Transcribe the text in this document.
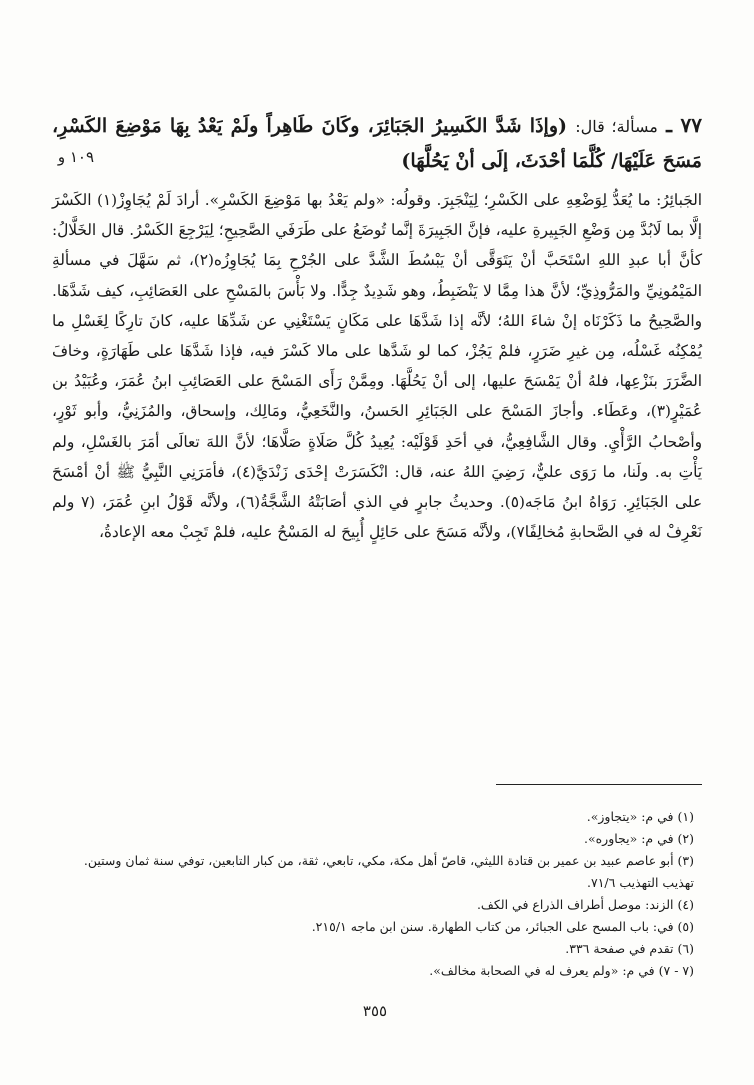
١٠٩ و
٧٧ ـ مسألة؛ قال: (وإذَا شَدَّ الكَسِيرُ الجَبَائِرَ، وكَانَ طَاهِراً ولَمْ يَعْدُ بِهَا مَوْضِعَ الكَسْرِ، مَسَحَ عَلَيْهَا/ كُلَّمَا أحْدَثَ، إلَى أنْ يَحُلَّهَا)

الجَبائِرُ: ما يُعَدُّ لِوَضْعِهِ على الكَسْرِ؛ لِيَنْجَبِرَ. وقولُه: «ولم يَعْدُ بها مَوْضِعَ الكَسْرِ». أرادَ لَمْ يُجَاوِزْ(١) الكَسْرَ إلَّا بما لَابُدَّ مِن وَضْعِ الجَبِيرةِ عليه، فإنَّ الجَبِيرَةَ إنَّما تُوضَعُ على طَرَفَي الصَّحِيحِ؛ لِيَرْجِعَ الكَسْرُ. قال الخَلَّالُ: كأنَّ أبا عبدِ اللهِ اسْتَحَبَّ أنْ يَتَوَقَّى أنْ يَبْسُطَ الشَّدَّ على الجُرْحِ بِمَا يُجَاوِزُه(٢)، ثم سَهَّلَ في مسألةِ المَيْمُونِيِّ والمَرُّوذِيِّ؛ لأنَّ هذا مِمَّا لا يَنْضَبِطُ، وهو شَدِيدٌ جِدًّا. ولا بَأْسَ بالمَسْحِ على العَصَائِبِ، كيف شَدَّهَا. والصَّحِيحُ ما ذَكَرْنَاه إنْ شاءَ اللهُ؛ لأنَّه إذا شَدَّهَا على مَكَانٍ يَسْتَغْنِي عن شَدِّهَا عليه، كانَ تارِكًا لِغَسْلِ ما يُمْكِنُه غَسْلُه، مِن غيرِ ضَرَرٍ، فلمْ يَجُزْ، كما لو شَدَّها على مالا كَسْرَ فيه، فإذا شَدَّهَا على طَهَارَةٍ، وخافَ الضَّرَرَ بنَزْعِها، فلهُ أنْ يَمْسَحَ عليها، إلى أنْ يَحُلَّهَا. ومِمَّنْ رَأَى المَسْحَ على العَصَائِبِ ابنُ عُمَرَ، وعُبَيْدُ بن عُمَيْرٍ(٣)، وعَطَاء. وأجازَ المَسْحَ على الجَبَائِرِ الحَسنُ، والنَّخَعِيُّ، ومَالِك، وإسحاق، والمُزَنِيُّ، وأبو ثَوْرٍ، وأصْحابُ الرَّأْيِ. وقال الشَّافِعِيُّ، في أحَدِ قَوْلَيْه: يُعِيدُ كُلَّ صَلَاةٍ صَلَّاهَا؛ لأنَّ اللهَ تعالَى أمَرَ بالغَسْلِ، ولم يَأْتِ به. ولَنا، ما رَوَى عليٌّ، رَضِيَ اللهُ عنه، قال: انْكَسَرَتْ إحْدَى زَنْدَيَّ(٤)، فأمَرَنِي النَّبِيُّ ﷺ أنْ أمْسَحَ على الجَبَائِرِ. رَوَاهُ ابنُ مَاجَه(٥). وحديثُ جابرٍ في الذي أصَابَتْهُ الشَّجَّةُ(٦)، ولأنَّه قَوْلُ ابنِ عُمَرَ، (٧ ولم نَعْرِفْ له في الصَّحابةِ مُخالِفًا٧)، ولأنَّه مَسَحَ على حَائِلٍ أُبِيحَ له المَسْحُ عليه، فلمْ تَجِبْ معه الإعادةُ،

(١) في م: «يتجاوز».
(٢) في م: «يجاوره».
(٣) أبو عاصم عبيد بن عمير بن قتادة الليثي، قاصّ أهل مكة، مكي، تابعي، ثقة، من كبار التابعين، توفي سنة ثمان وستين. تهذيب التهذيب ٧١/٦.
(٤) الزند: موصل أطراف الذراع في الكف.
(٥) في: باب المسح على الجبائر، من كتاب الطهارة. سنن ابن ماجه ٢١٥/١.
(٦) تقدم في صفحة ٣٣٦.
(٧ - ٧) في م: «ولم يعرف له في الصحابة مخالف».
٣٥٥
